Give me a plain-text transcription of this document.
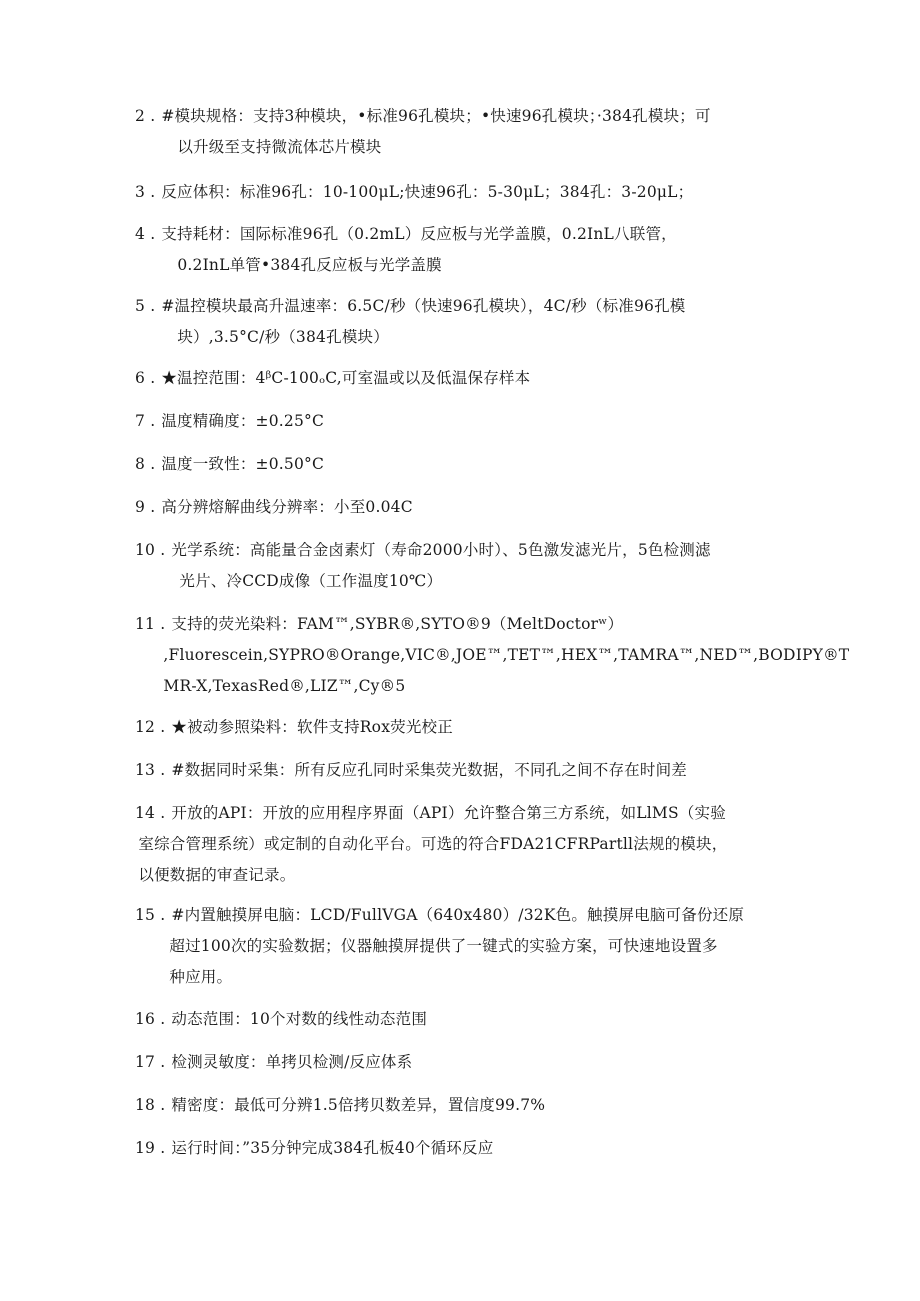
2 . #模块规格：支持3种模块，•标准96孔模块；•快速96孔模块；·384孔模块；可
以升级至支持微流体芯片模块
3 . 反应体积：标准96孔：10-100μL;快速96孔：5-30μL；384孔：3-20μL；
4 . 支持耗材：国际标准96孔（0.2mL）反应板与光学盖膜，0.2InL八联管，
0.2InL单管•384孔反应板与光学盖膜
5 . #温控模块最高升温速率：6.5C/秒（快速96孔模块），4C/秒（标准96孔模
块）,3.5°C/秒（384孔模块）
6 . ★温控范围：4ᵝC-100ₒC,可室温或以及低温保存样本
7 . 温度精确度：±0.25°C
8 . 温度一致性：±0.50°C
9 . 高分辨熔解曲线分辨率：小至0.04C
10 . 光学系统：高能量合金卤素灯（寿命2000小时）、5色激发滤光片，5色检测滤
光片、冷CCD成像（工作温度10℃）
11 . 支持的荧光染料：FAM™,SYBR®,SYTO®9（MeltDoctorʷ）
,Fluorescein,SYPRO®Orange,VIC®,JOE™,TET™,HEX™,TAMRA™,NED™,BODIPY®T
MR-X,TexasRed®,LIZ™,Cy®5
12 . ★被动参照染料：软件支持Rox荧光校正
13 . #数据同时采集：所有反应孔同时采集荧光数据，不同孔之间不存在时间差
14 . 开放的API：开放的应用程序界面（API）允许整合第三方系统，如LlMS（实验
室综合管理系统）或定制的自动化平台。可选的符合FDA21CFRPartll法规的模块，
以便数据的审查记录。
15 . #内置触摸屏电脑：LCD/FullVGA（640x480）/32K色。触摸屏电脑可备份还原
超过100次的实验数据；仪器触摸屏提供了一键式的实验方案，可快速地设置多
种应用。
16 . 动态范围：10个对数的线性动态范围
17 . 检测灵敏度：单拷贝检测/反应体系
18 . 精密度：最低可分辨1.5倍拷贝数差异，置信度99.7%
19 . 运行时间：”35分钟完成384孔板40个循环反应
